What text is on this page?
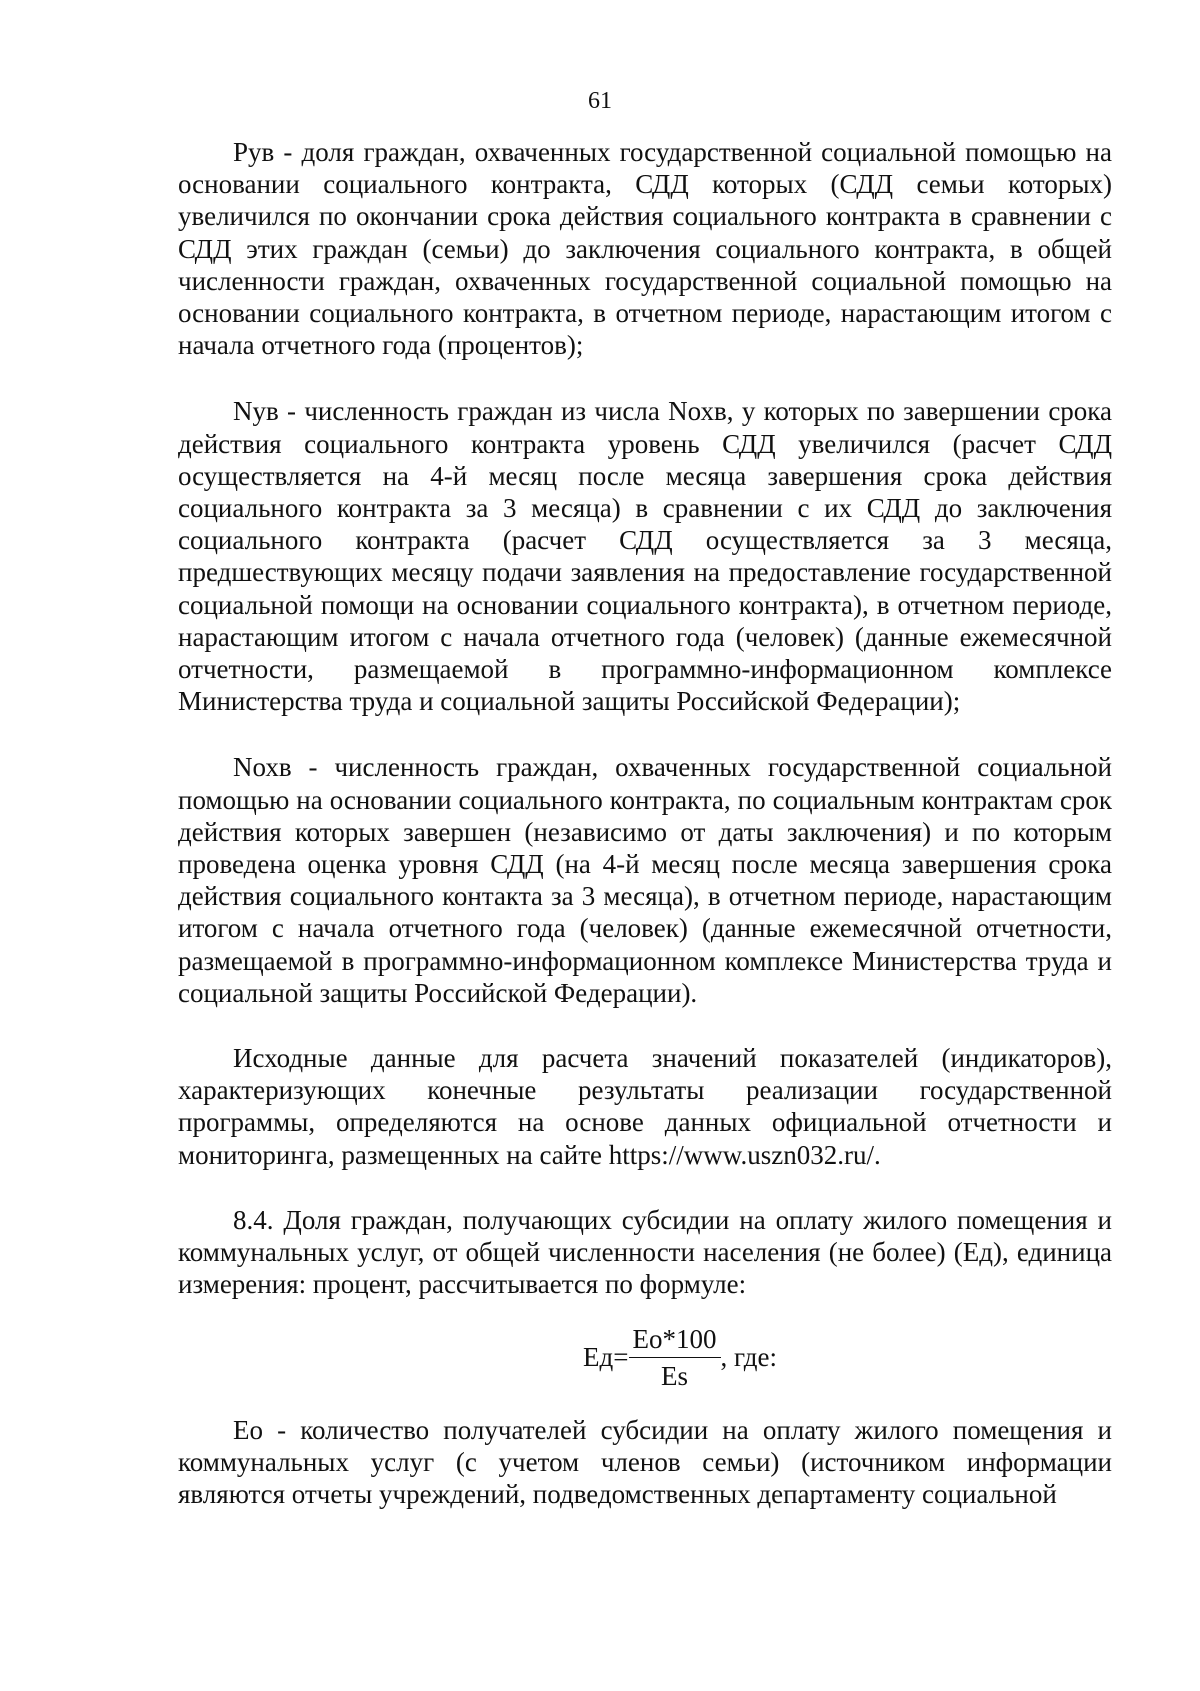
61

Рув - доля граждан, охваченных государственной социальной помощью на основании социального контракта, СДД которых (СДД семьи которых) увеличился по окончании срока действия социального контракта в сравнении с СДД этих граждан (семьи) до заключения социального контракта, в общей численности граждан, охваченных государственной социальной помощью на основании социального контракта, в отчетном периоде, нарастающим итогом с начала отчетного года (процентов);

Nув - численность граждан из числа Nохв, у которых по завершении срока действия социального контракта уровень СДД увеличился (расчет СДД осуществляется на 4-й месяц после месяца завершения срока действия социального контракта за 3 месяца) в сравнении с их СДД до заключения социального контракта (расчет СДД осуществляется за 3 месяца, предшествующих месяцу подачи заявления на предоставление государственной социальной помощи на основании социального контракта), в отчетном периоде, нарастающим итогом с начала отчетного года (человек) (данные ежемесячной отчетности, размещаемой в программно-информационном комплексе Министерства труда и социальной защиты Российской Федерации);

Nохв - численность граждан, охваченных государственной социальной помощью на основании социального контракта, по социальным контрактам срок действия которых завершен (независимо от даты заключения) и по которым проведена оценка уровня СДД (на 4-й месяц после месяца завершения срока действия социального контакта за 3 месяца), в отчетном периоде, нарастающим итогом с начала отчетного года (человек) (данные ежемесячной отчетности, размещаемой в программно-информационном комплексе Министерства труда и социальной защиты Российской Федерации).

Исходные данные для расчета значений показателей (индикаторов), характеризующих конечные результаты реализации государственной программы, определяются на основе данных официальной отчетности и мониторинга, размещенных на сайте https://www.uszn032.ru/.

8.4. Доля граждан, получающих субсидии на оплату жилого помещения и коммунальных услуг, от общей численности населения (не более) (Ед), единица измерения: процент, рассчитывается по формуле:

$Ед= \frac{Ео*100}{Es}$ , где:

Ео - количество получателей субсидии на оплату жилого помещения и коммунальных услуг (с учетом членов семьи) (источником информации являются отчеты учреждений, подведомственных департаменту социальной
